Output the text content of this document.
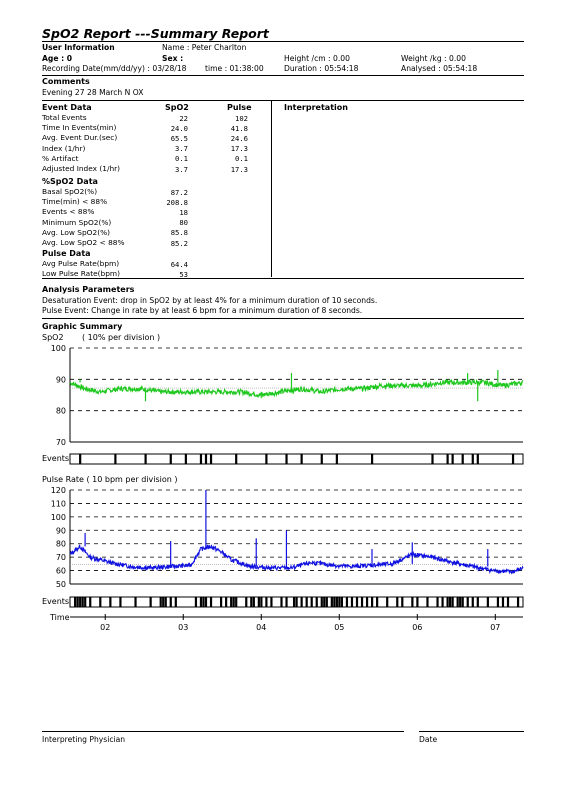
SpO2 Report ---Summary Report
User Information	Name : Peter Charlton
Age : 0	Sex :	Height /cm : 0.00	Weight /kg : 0.00
Recording Date(mm/dd/yy) : 03/28/18 time : 01:38:00	Duration : 05:54:18	Analysed : 05:54:18
Comments
Evening 27 28 March N OX
Event Data	SpO2	Pulse	Interpretation
Total Events	22	102
Time In Events(min)	24.0	41.8
Avg. Event Dur.(sec)	65.5	24.6
Index (1/hr)	3.7	17.3
% Artifact	0.1	0.1
Adjusted Index (1/hr)	3.7	17.3
%SpO2 Data
Basal SpO2(%)	87.2
Time(min) < 88%	208.8
Events < 88%	18
Minimum SpO2(%)	80
Avg. Low SpO2(%)	85.8
Avg. Low SpO2 < 88%	85.2
Pulse Data
Avg Pulse Rate(bpm)	64.4
Low Pulse Rate(bpm)	53
Analysis Parameters
Desaturation Event: drop in SpO2 by at least 4% for a minimum duration of 10 seconds.
Pulse Event: Change in rate by at least 6 bpm for a minimum duration of 8 seconds.
Graphic Summary
SpO2 ( 10% per division )
Pulse Rate ( 10 bpm per division )
70
80
90
100
50
60
70
80
90
100
110
120
02	03	04	05	06	07
Events
Events
Time
Interpreting Physician	Date
